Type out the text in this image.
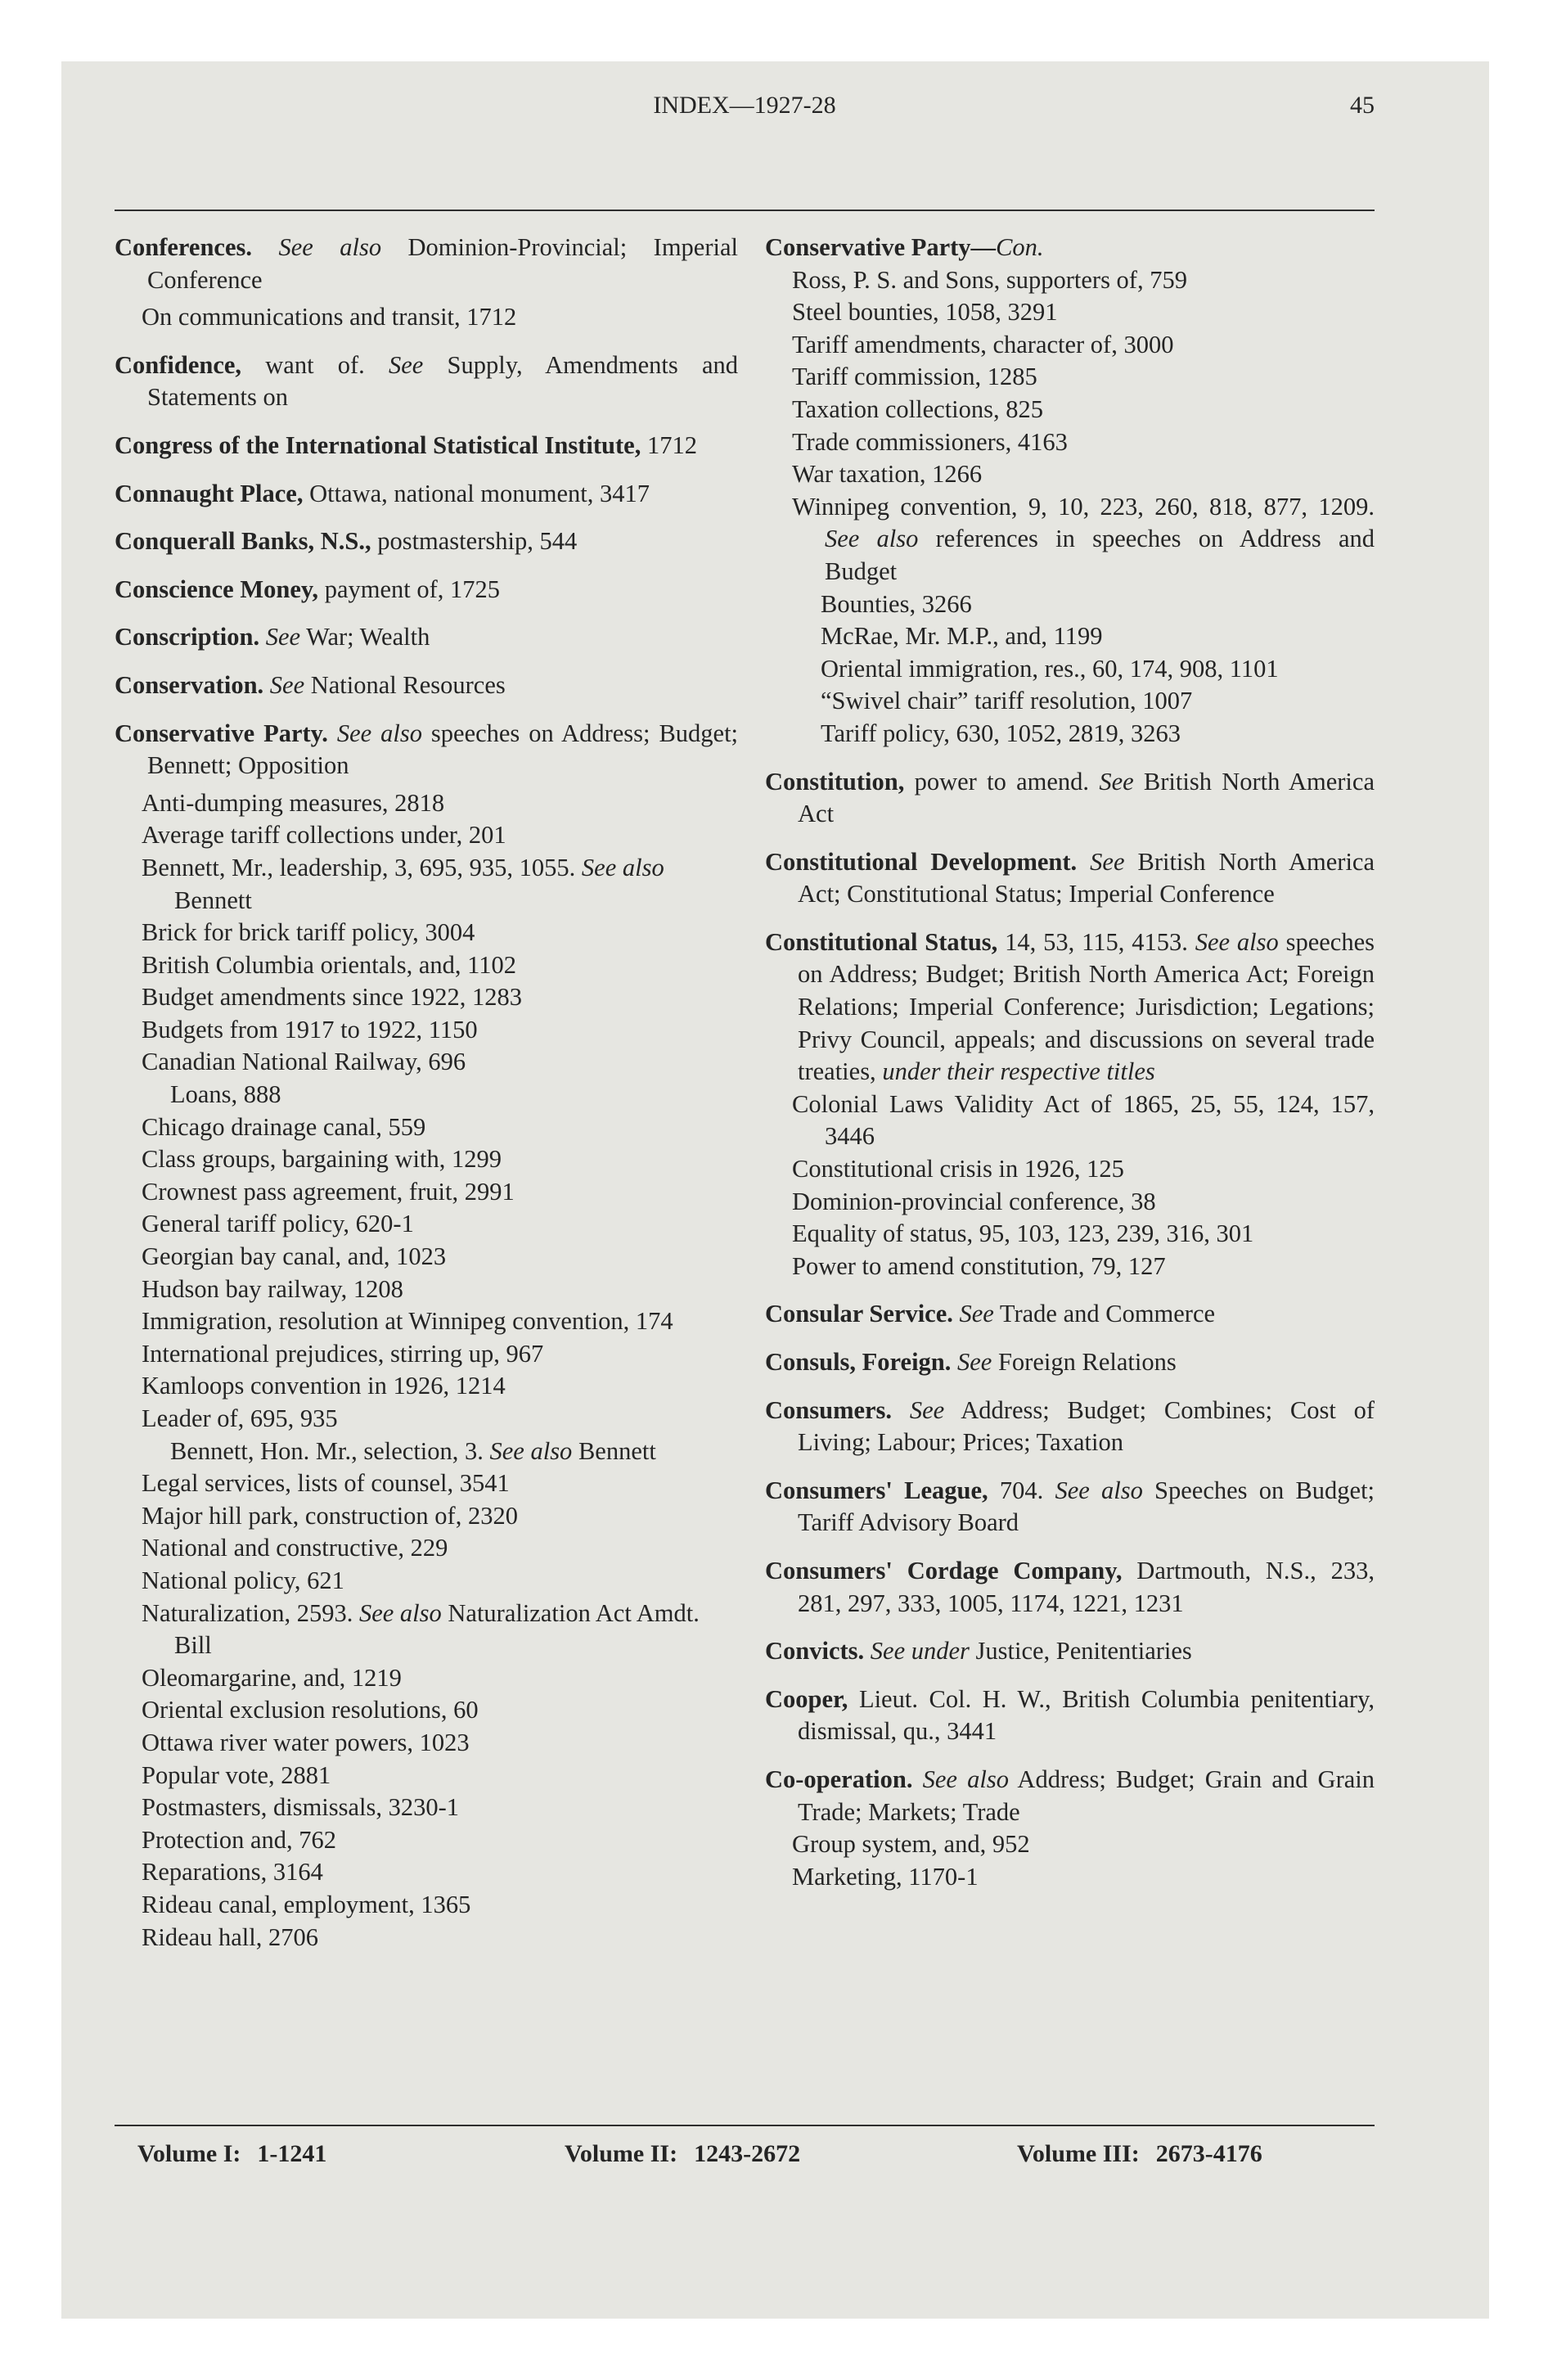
INDEX—1927-28	45
Conferences. See also Dominion-Provincial; Imperial Conference
On communications and transit, 1712
Confidence, want of. See Supply, Amendments and Statements on
Congress of the International Statistical Institute, 1712
Connaught Place, Ottawa, national monument, 3417
Conquerall Banks, N.S., postmastership, 544
Conscience Money, payment of, 1725
Conscription. See War; Wealth
Conservation. See National Resources
Conservative Party. See also speeches on Address; Budget; Bennett; Opposition
Anti-dumping measures, 2818
Average tariff collections under, 201
Bennett, Mr., leadership, 3, 695, 935, 1055. See also Bennett
Brick for brick tariff policy, 3004
British Columbia orientals, and, 1102
Budget amendments since 1922, 1283
Budgets from 1917 to 1922, 1150
Canadian National Railway, 696
Loans, 888
Chicago drainage canal, 559
Class groups, bargaining with, 1299
Crownest pass agreement, fruit, 2991
General tariff policy, 620-1
Georgian bay canal, and, 1023
Hudson bay railway, 1208
Immigration, resolution at Winnipeg convention, 174
International prejudices, stirring up, 967
Kamloops convention in 1926, 1214
Leader of, 695, 935
Bennett, Hon. Mr., selection, 3. See also Bennett
Legal services, lists of counsel, 3541
Major hill park, construction of, 2320
National and constructive, 229
National policy, 621
Naturalization, 2593. See also Naturalization Act Amdt. Bill
Oleomargarine, and, 1219
Oriental exclusion resolutions, 60
Ottawa river water powers, 1023
Popular vote, 2881
Postmasters, dismissals, 3230-1
Protection and, 762
Reparations, 3164
Rideau canal, employment, 1365
Rideau hall, 2706
Conservative Party—Con.
Ross, P. S. and Sons, supporters of, 759
Steel bounties, 1058, 3291
Tariff amendments, character of, 3000
Tariff commission, 1285
Taxation collections, 825
Trade commissioners, 4163
War taxation, 1266
Winnipeg convention, 9, 10, 223, 260, 818, 877, 1209. See also references in speeches on Address and Budget
Bounties, 3266
McRae, Mr. M.P., and, 1199
Oriental immigration, res., 60, 174, 908, 1101
“Swivel chair” tariff resolution, 1007
Tariff policy, 630, 1052, 2819, 3263
Constitution, power to amend. See British North America Act
Constitutional Development. See British North America Act; Constitutional Status; Imperial Conference
Constitutional Status, 14, 53, 115, 4153. See also speeches on Address; Budget; British North America Act; Foreign Relations; Imperial Conference; Jurisdiction; Legations; Privy Council, appeals; and discussions on several trade treaties, under their respective titles
Colonial Laws Validity Act of 1865, 25, 55, 124, 157, 3446
Constitutional crisis in 1926, 125
Dominion-provincial conference, 38
Equality of status, 95, 103, 123, 239, 316, 301
Power to amend constitution, 79, 127
Consular Service. See Trade and Commerce
Consuls, Foreign. See Foreign Relations
Consumers. See Address; Budget; Combines; Cost of Living; Labour; Prices; Taxation
Consumers' League, 704. See also Speeches on Budget; Tariff Advisory Board
Consumers' Cordage Company, Dartmouth, N.S., 233, 281, 297, 333, 1005, 1174, 1221, 1231
Convicts. See under Justice, Penitentiaries
Cooper, Lieut. Col. H. W., British Columbia penitentiary, dismissal, qu., 3441
Co-operation. See also Address; Budget; Grain and Grain Trade; Markets; Trade
Group system, and, 952
Marketing, 1170-1
Volume I: 1-1241	Volume II: 1243-2672	Volume III: 2673-4176
